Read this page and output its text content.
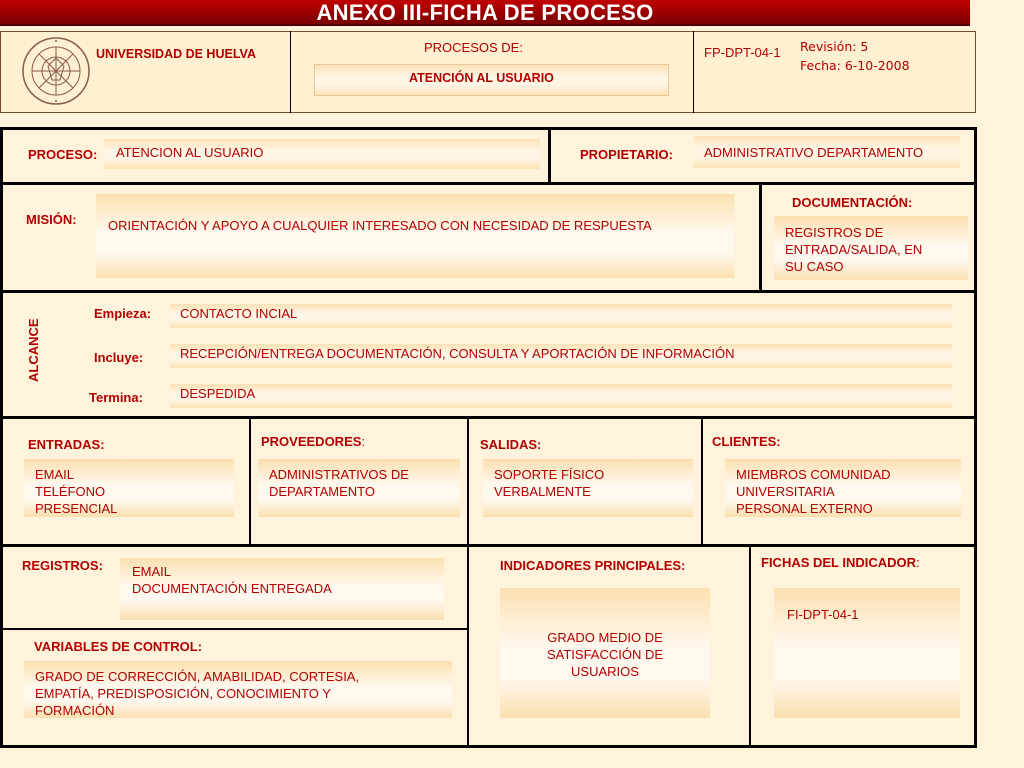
ANEXO III-FICHA DE PROCESO
UNIVERSIDAD DE HUELVA	PROCESOS DE:
ATENCIÓN AL USUARIO
FP-DPT-04-1 Revisión: 5
Fecha: 6-10-2008
PROCESO: ATENCION AL USUARIO	PROPIETARIO: ADMINISTRATIVO DEPARTAMENTO
MISIÓN: ORIENTACIÓN Y APOYO A CUALQUIER INTERESADO CON NECESIDAD DE RESPUESTA
DOCUMENTACIÓN:
REGISTROS DE
ENTRADA/SALIDA, EN
SU CASO
ALCANCE
Empieza: CONTACTO INCIAL
Incluye:	RECEPCIÓN/ENTREGA DOCUMENTACIÓN, CONSULTA Y APORTACIÓN DE INFORMACIÓN
Termina:	DESPEDIDA
ENTRADAS:
EMAIL
TELÉFONO
PRESENCIAL
PROVEEDORES:
ADMINISTRATIVOS DE
DEPARTAMENTO
SALIDAS:
SOPORTE FÍSICO
VERBALMENTE
CLIENTES:
MIEMBROS COMUNIDAD
UNIVERSITARIA
PERSONAL EXTERNO
REGISTROS: EMAIL
DOCUMENTACIÓN ENTREGADA
INDICADORES PRINCIPALES:
GRADO MEDIO DE
SATISFACCIÓN DE
USUARIOS
FICHAS DEL INDICADOR:
FI-DPT-04-1
VARIABLES DE CONTROL:
GRADO DE CORRECCIÓN, AMABILIDAD, CORTESIA,
EMPATÍA, PREDISPOSICIÓN, CONOCIMIENTO Y
FORMACIÓN
